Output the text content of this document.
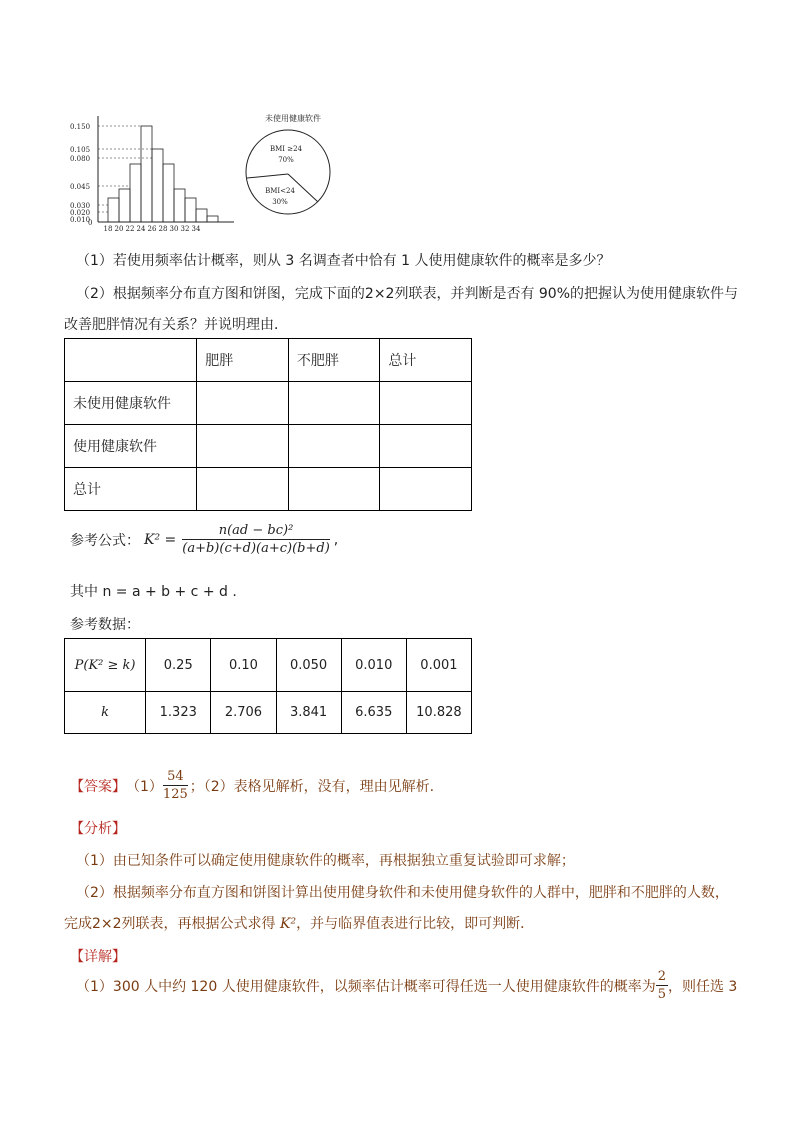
0.150
0.105
0.080
0.045
0.030
0.020
0.010
0
18 20 22 24 26 28 30 32 34
未使用健康软件
BMI ≥24
70%
BMI<24
30%
（1）若使用频率估计概率，则从 3 名调查者中恰有 1 人使用健康软件的概率是多少？
（2）根据频率分布直方图和饼图，完成下面的2×2列联表，并判断是否有 90%的把握认为使用健康软件与
改善肥胖情况有关系？并说明理由．
	肥胖	不肥胖	总计
未使用健康软件			
使用健康软件			
总计			
参考公式： $K^2 = \frac{\text{n(ad − bc)²}}{(a+b)(c+d)(a+c)(b+d)}$ ,
其中 n = a + b + c + d .
参考数据：
P(K² ≥ k)	0.25	0.10	0.050	0.010	0.001
k	1.323	2.706	3.841	6.635	10.828
【答案】 $(1) \frac{54}{125}$ ；（2）表格见解析，没有，理由见解析.
【分析】
（1）由已知条件可以确定使用健康软件的概率，再根据独立重复试验即可求解；
（2）根据频率分布直方图和饼图计算出使用健身软件和未使用健身软件的人群中，肥胖和不肥胖的人数，
完成2×2列联表，再根据公式求得 K²，并与临界值表进行比较，即可判断．
【详解】
（1）300 人中约 120 人使用健康软件，以频率估计概率可得任选一人使用健康软件的概率为 $\frac{2}{5}$ ，则任选 3
